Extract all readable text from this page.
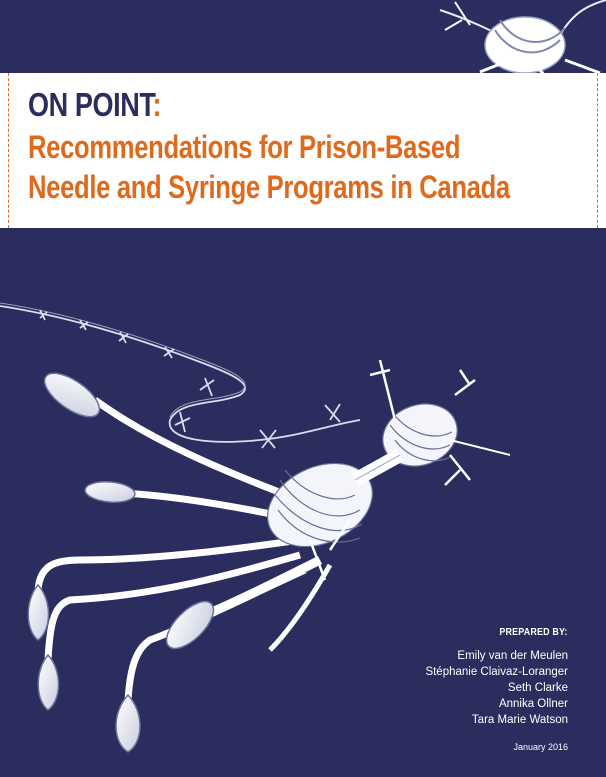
ON POINT:
Recommendations for Prison-Based
Needle and Syringe Programs in Canada
PREPARED BY:
Emily van der Meulen
Stéphanie Claivaz-Loranger
Seth Clarke
Annika Ollner
Tara Marie Watson
January 2016
